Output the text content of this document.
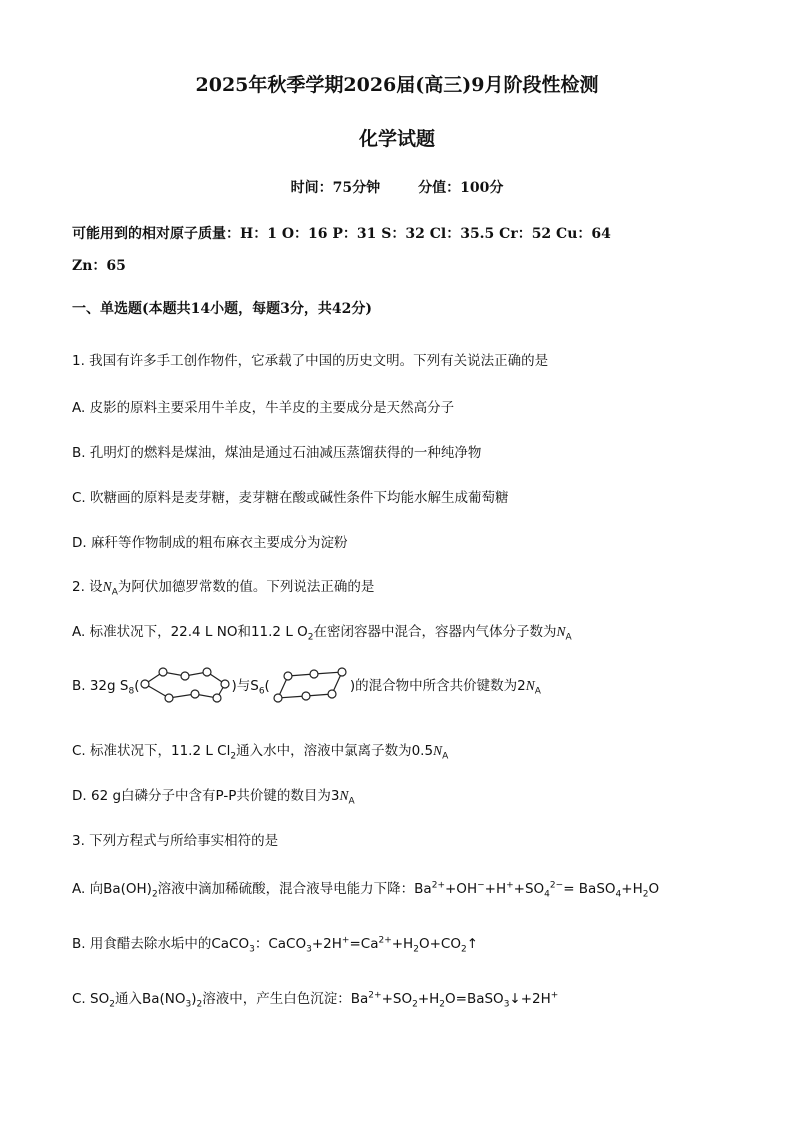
2025年秋季学期2026届(高三)9月阶段性检测
化学试题
时间：75分钟	分值：100分
可能用到的相对原子质量：H：1 O：16 P：31 S：32 Cl：35.5 Cr：52 Cu：64
Zn：65
一、单选题(本题共14小题，每题3分，共42分)
1. 我国有许多手工创作物件，它承载了中国的历史文明。下列有关说法正确的是
A. 皮影的原料主要采用牛羊皮，牛羊皮的主要成分是天然高分子
B. 孔明灯的燃料是煤油，煤油是通过石油减压蒸馏获得的一种纯净物
C. 吹糖画的原料是麦芽糖，麦芽糖在酸或碱性条件下均能水解生成葡萄糖
D. 麻秆等作物制成的粗布麻衣主要成分为淀粉
2. 设$N_A$为阿伏加德罗常数的值。下列说法正确的是
A. 标准状况下，22.4 L NO和11.2 L $O_2$在密闭容器中混合，容器内气体分子数为$N_A$
B. 32g $S_8$(	)与$S_6$(	)的混合物中所含共价键数为$2N_A$
C. 标准状况下，11.2 L $Cl_2$通入水中，溶液中氯离子数为$0.5N_A$
D. 62 g白磷分子中含有P-P共价键的数目为$3N_A$
3. 下列方程式与所给事实相符的是
A. 向$Ba(OH)_2$溶液中滴加稀硫酸，混合液导电能力下降：$Ba^{2+}+OH^-+H^++SO_4^{2-}=$ $BaSO_4+H_2O$
B. 用食醋去除水垢中的CaCO$_3$：$CaCO_3+2H^+=Ca^{2+}+H_2O+CO_2↑$
C. $SO_2$通入$Ba(NO_3)_2$溶液中，产生白色沉淀：$Ba^{2+}+SO_2+H_2O=BaSO_3↓+2H^+$
